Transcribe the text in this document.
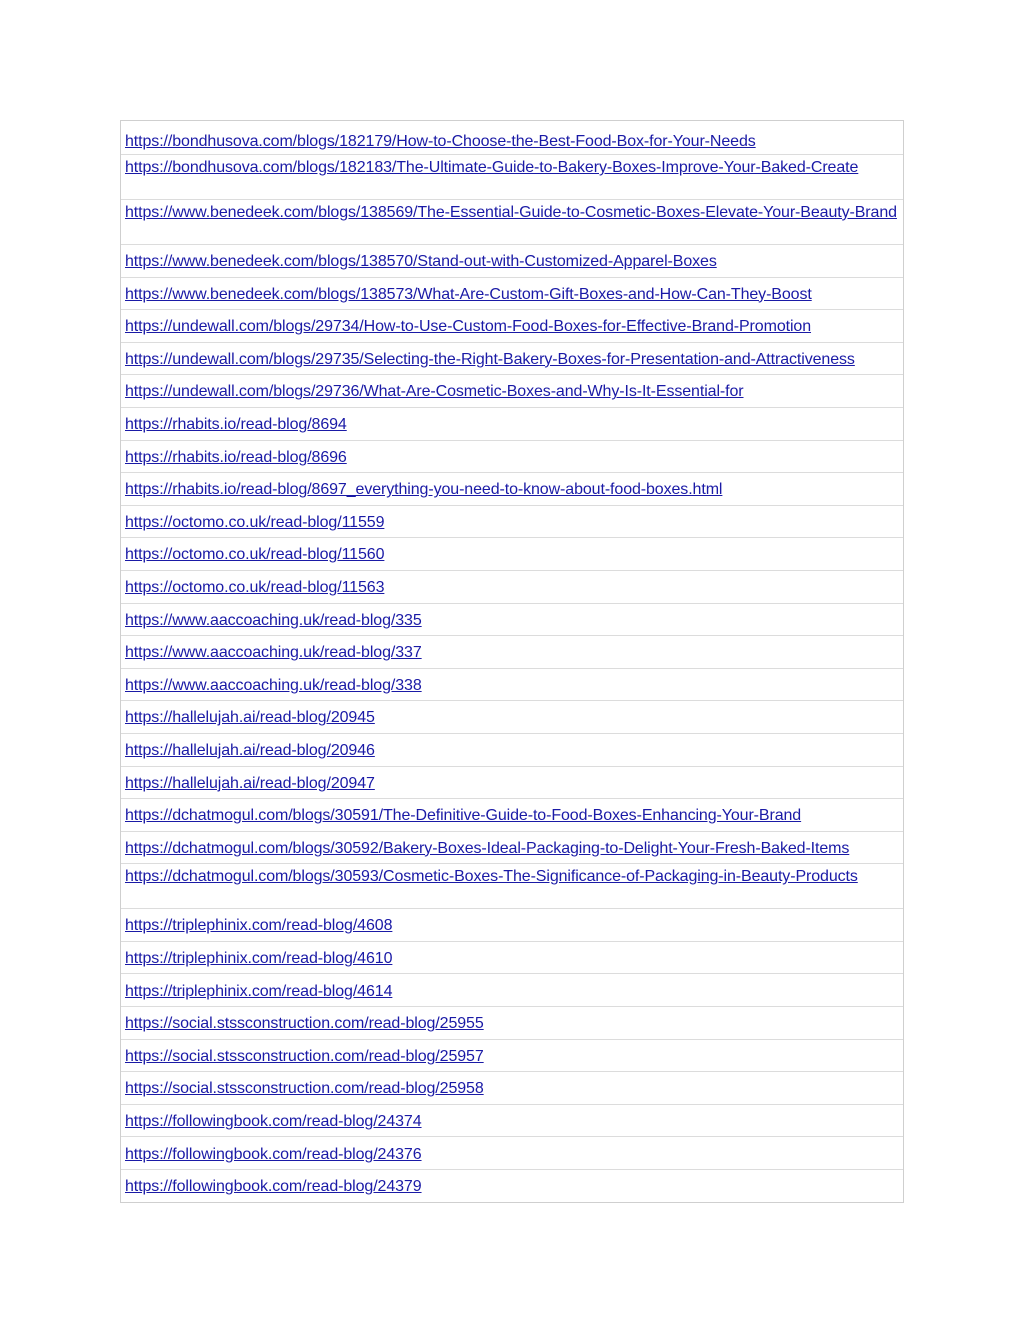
https://bondhusova.com/blogs/182179/How-to-Choose-the-Best-Food-Box-for-Your-Needs
https://bondhusova.com/blogs/182183/The-Ultimate-Guide-to-Bakery-Boxes-Improve-Your-Baked-Create
https://www.benedeek.com/blogs/138569/The-Essential-Guide-to-Cosmetic-Boxes-Elevate-Your-Beauty-Brand
https://www.benedeek.com/blogs/138570/Stand-out-with-Customized-Apparel-Boxes
https://www.benedeek.com/blogs/138573/What-Are-Custom-Gift-Boxes-and-How-Can-They-Boost
https://undewall.com/blogs/29734/How-to-Use-Custom-Food-Boxes-for-Effective-Brand-Promotion
https://undewall.com/blogs/29735/Selecting-the-Right-Bakery-Boxes-for-Presentation-and-Attractiveness
https://undewall.com/blogs/29736/What-Are-Cosmetic-Boxes-and-Why-Is-It-Essential-for
https://rhabits.io/read-blog/8694
https://rhabits.io/read-blog/8696
https://rhabits.io/read-blog/8697_everything-you-need-to-know-about-food-boxes.html
https://octomo.co.uk/read-blog/11559
https://octomo.co.uk/read-blog/11560
https://octomo.co.uk/read-blog/11563
https://www.aaccoaching.uk/read-blog/335
https://www.aaccoaching.uk/read-blog/337
https://www.aaccoaching.uk/read-blog/338
https://hallelujah.ai/read-blog/20945
https://hallelujah.ai/read-blog/20946
https://hallelujah.ai/read-blog/20947
https://dchatmogul.com/blogs/30591/The-Definitive-Guide-to-Food-Boxes-Enhancing-Your-Brand
https://dchatmogul.com/blogs/30592/Bakery-Boxes-Ideal-Packaging-to-Delight-Your-Fresh-Baked-Items
https://dchatmogul.com/blogs/30593/Cosmetic-Boxes-The-Significance-of-Packaging-in-Beauty-Products
https://triplephinix.com/read-blog/4608
https://triplephinix.com/read-blog/4610
https://triplephinix.com/read-blog/4614
https://social.stssconstruction.com/read-blog/25955
https://social.stssconstruction.com/read-blog/25957
https://social.stssconstruction.com/read-blog/25958
https://followingbook.com/read-blog/24374
https://followingbook.com/read-blog/24376
https://followingbook.com/read-blog/24379
